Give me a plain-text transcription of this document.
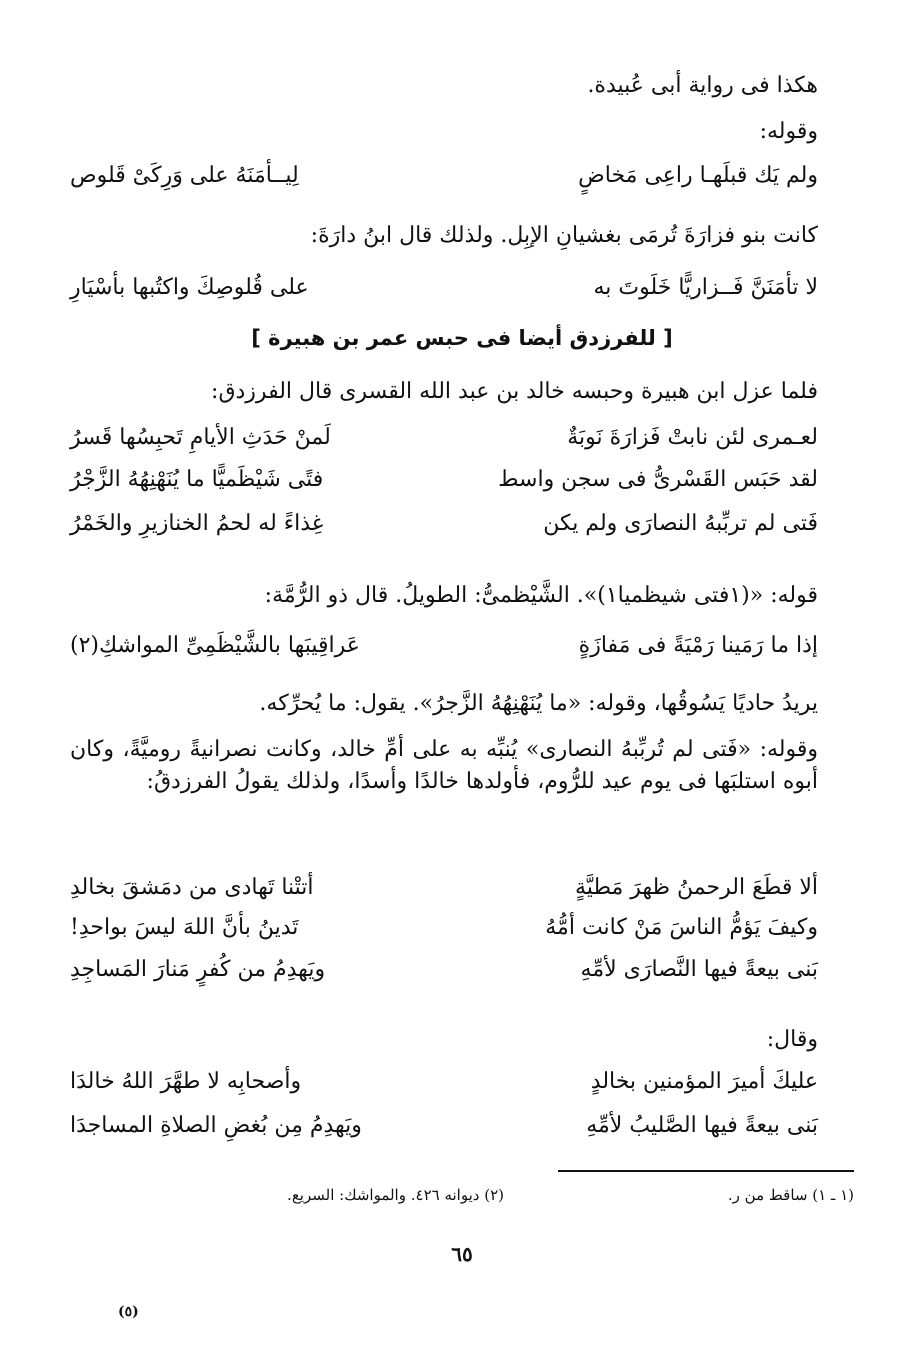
هكذا فى رواية أبى عُبيدة.
وقوله:
ولم يَك قبلَهـا راعِى مَخاضٍ
لِيــأمَنَهُ على وَرِكَىْ قَلوص
كانت بنو فزارَةَ تُرمَى بغشيانِ الإبِل. ولذلك قال ابنُ دارَةَ:
لا تأمَنَنَّ فَــزاريًّا خَلَوتَ به
على قُلوصِكَ واكتُبها بأسْيَارِ
[ للفرزدق أيضا فى حبس عمر بن هبيرة ]
فلما عزل ابن هبيرة وحبسه خالد بن عبد الله القسرى قال الفرزدق:
لعـمرى لئن نابتْ فَزارَةَ نَوبَةٌ
لَمنْ حَدَثِ الأيامِ تَحبِسُها قَسرُ
لقد حَبَس القَسْرىُّ فى سجن واسط
فتًى شَيْظَميًّا ما يُنَهْنِهُهُ الزَّجْرُ
فَتى لم تربِّبهُ النصارَى ولم يكن
غِذاءً له لحمُ الخنازيرِ والخَمْرُ
قوله: «(١فتى شيظميا١)». الشَّيْظمىُّ: الطويلُ. قال ذو الرُّمَّة:
إذا ما رَمَينا رَمْيَةً فى مَفازَةٍ
عَراقِيبَها بالشَّيْظَمِىِّ المواشكِ(٢)
يريدُ حاديًا يَسُوقُها، وقوله: «ما يُنَهْنِهُهُ الزَّجرُ». يقول: ما يُحرِّكه.
وقوله: «فَتى لم تُربِّبهُ النصارى» يُنبِّه به على أمِّ خالد، وكانت نصرانيةً روميَّةً، وكان أبوه استلبَها فى يوم عيد للرُّوم، فأولدها خالدًا وأسدًا، ولذلك يقولُ الفرزدقُ:
ألا قطَعَ الرحمنُ ظهرَ مَطيَّةٍ
أتتْنا تَهادى من دمَشقَ بخالدِ
وكيفَ يَؤمُّ الناسَ مَنْ كانت أمُّهُ
تَدينُ بأنَّ اللهَ ليسَ بواحدِ!
بَنى بيعةً فيها النَّصارَى لأمِّهِ
ويَهدِمُ من كُفرٍ مَنارَ المَساجِدِ
وقال:
عليكَ أميرَ المؤمنين بخالدٍ
وأصحابِه لا طهَّرَ اللهُ خالدَا
بَنى بيعةً فيها الصَّليبُ لأمِّهِ
ويَهدِمُ مِن بُغضِ الصلاةِ المساجدَا
(١ ـ ١) ساقط من ر.
(٢) ديوانه ٤٢٦. والمواشك: السريع.
٦٥
(٥)
